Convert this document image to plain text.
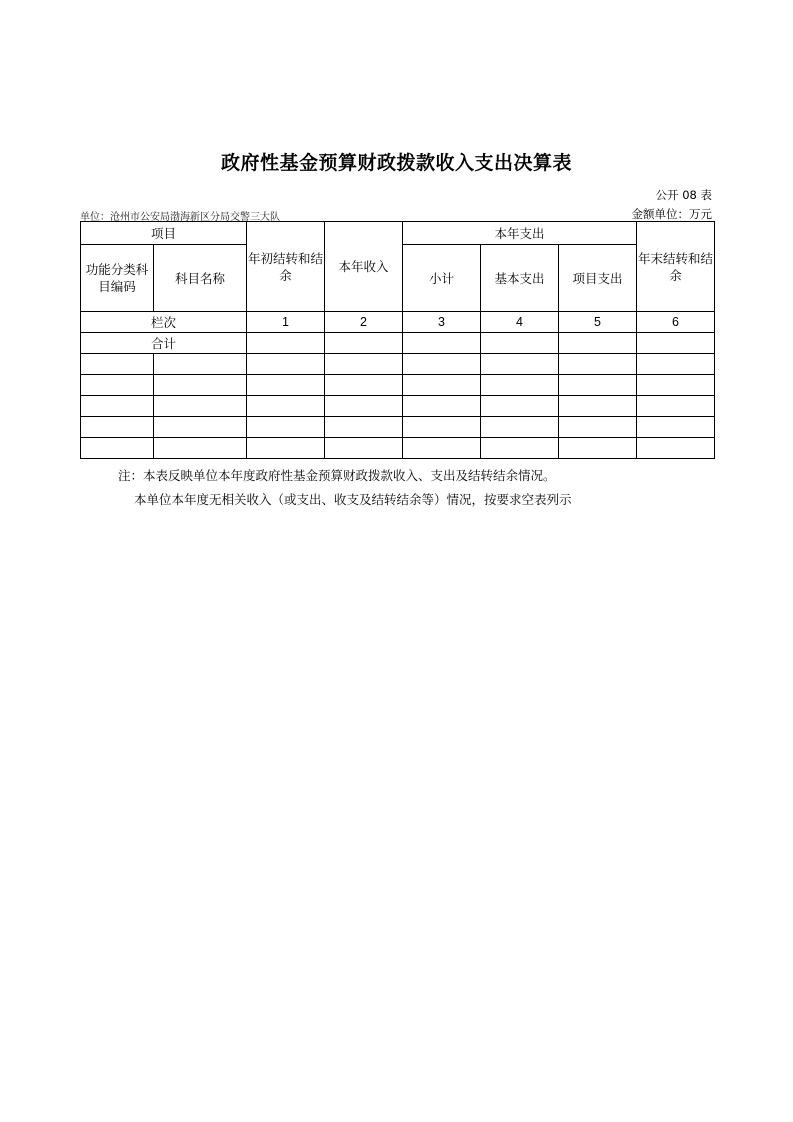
政府性基金预算财政拨款收入支出决算表
公开 08 表
单位：沧州市公安局渤海新区分局交警三大队	金额单位：万元
项目		年初结转和结余	本年收入	本年支出			年末结转和结余
功能分类科目编码	科目名称			小计	基本支出	项目支出	
栏次		1	2	3	4	5	6
合计							

注：本表反映单位本年度政府性基金预算财政拨款收入、支出及结转结余情况。
本单位本年度无相关收入（或支出、收支及结转结余等）情况，按要求空表列示
